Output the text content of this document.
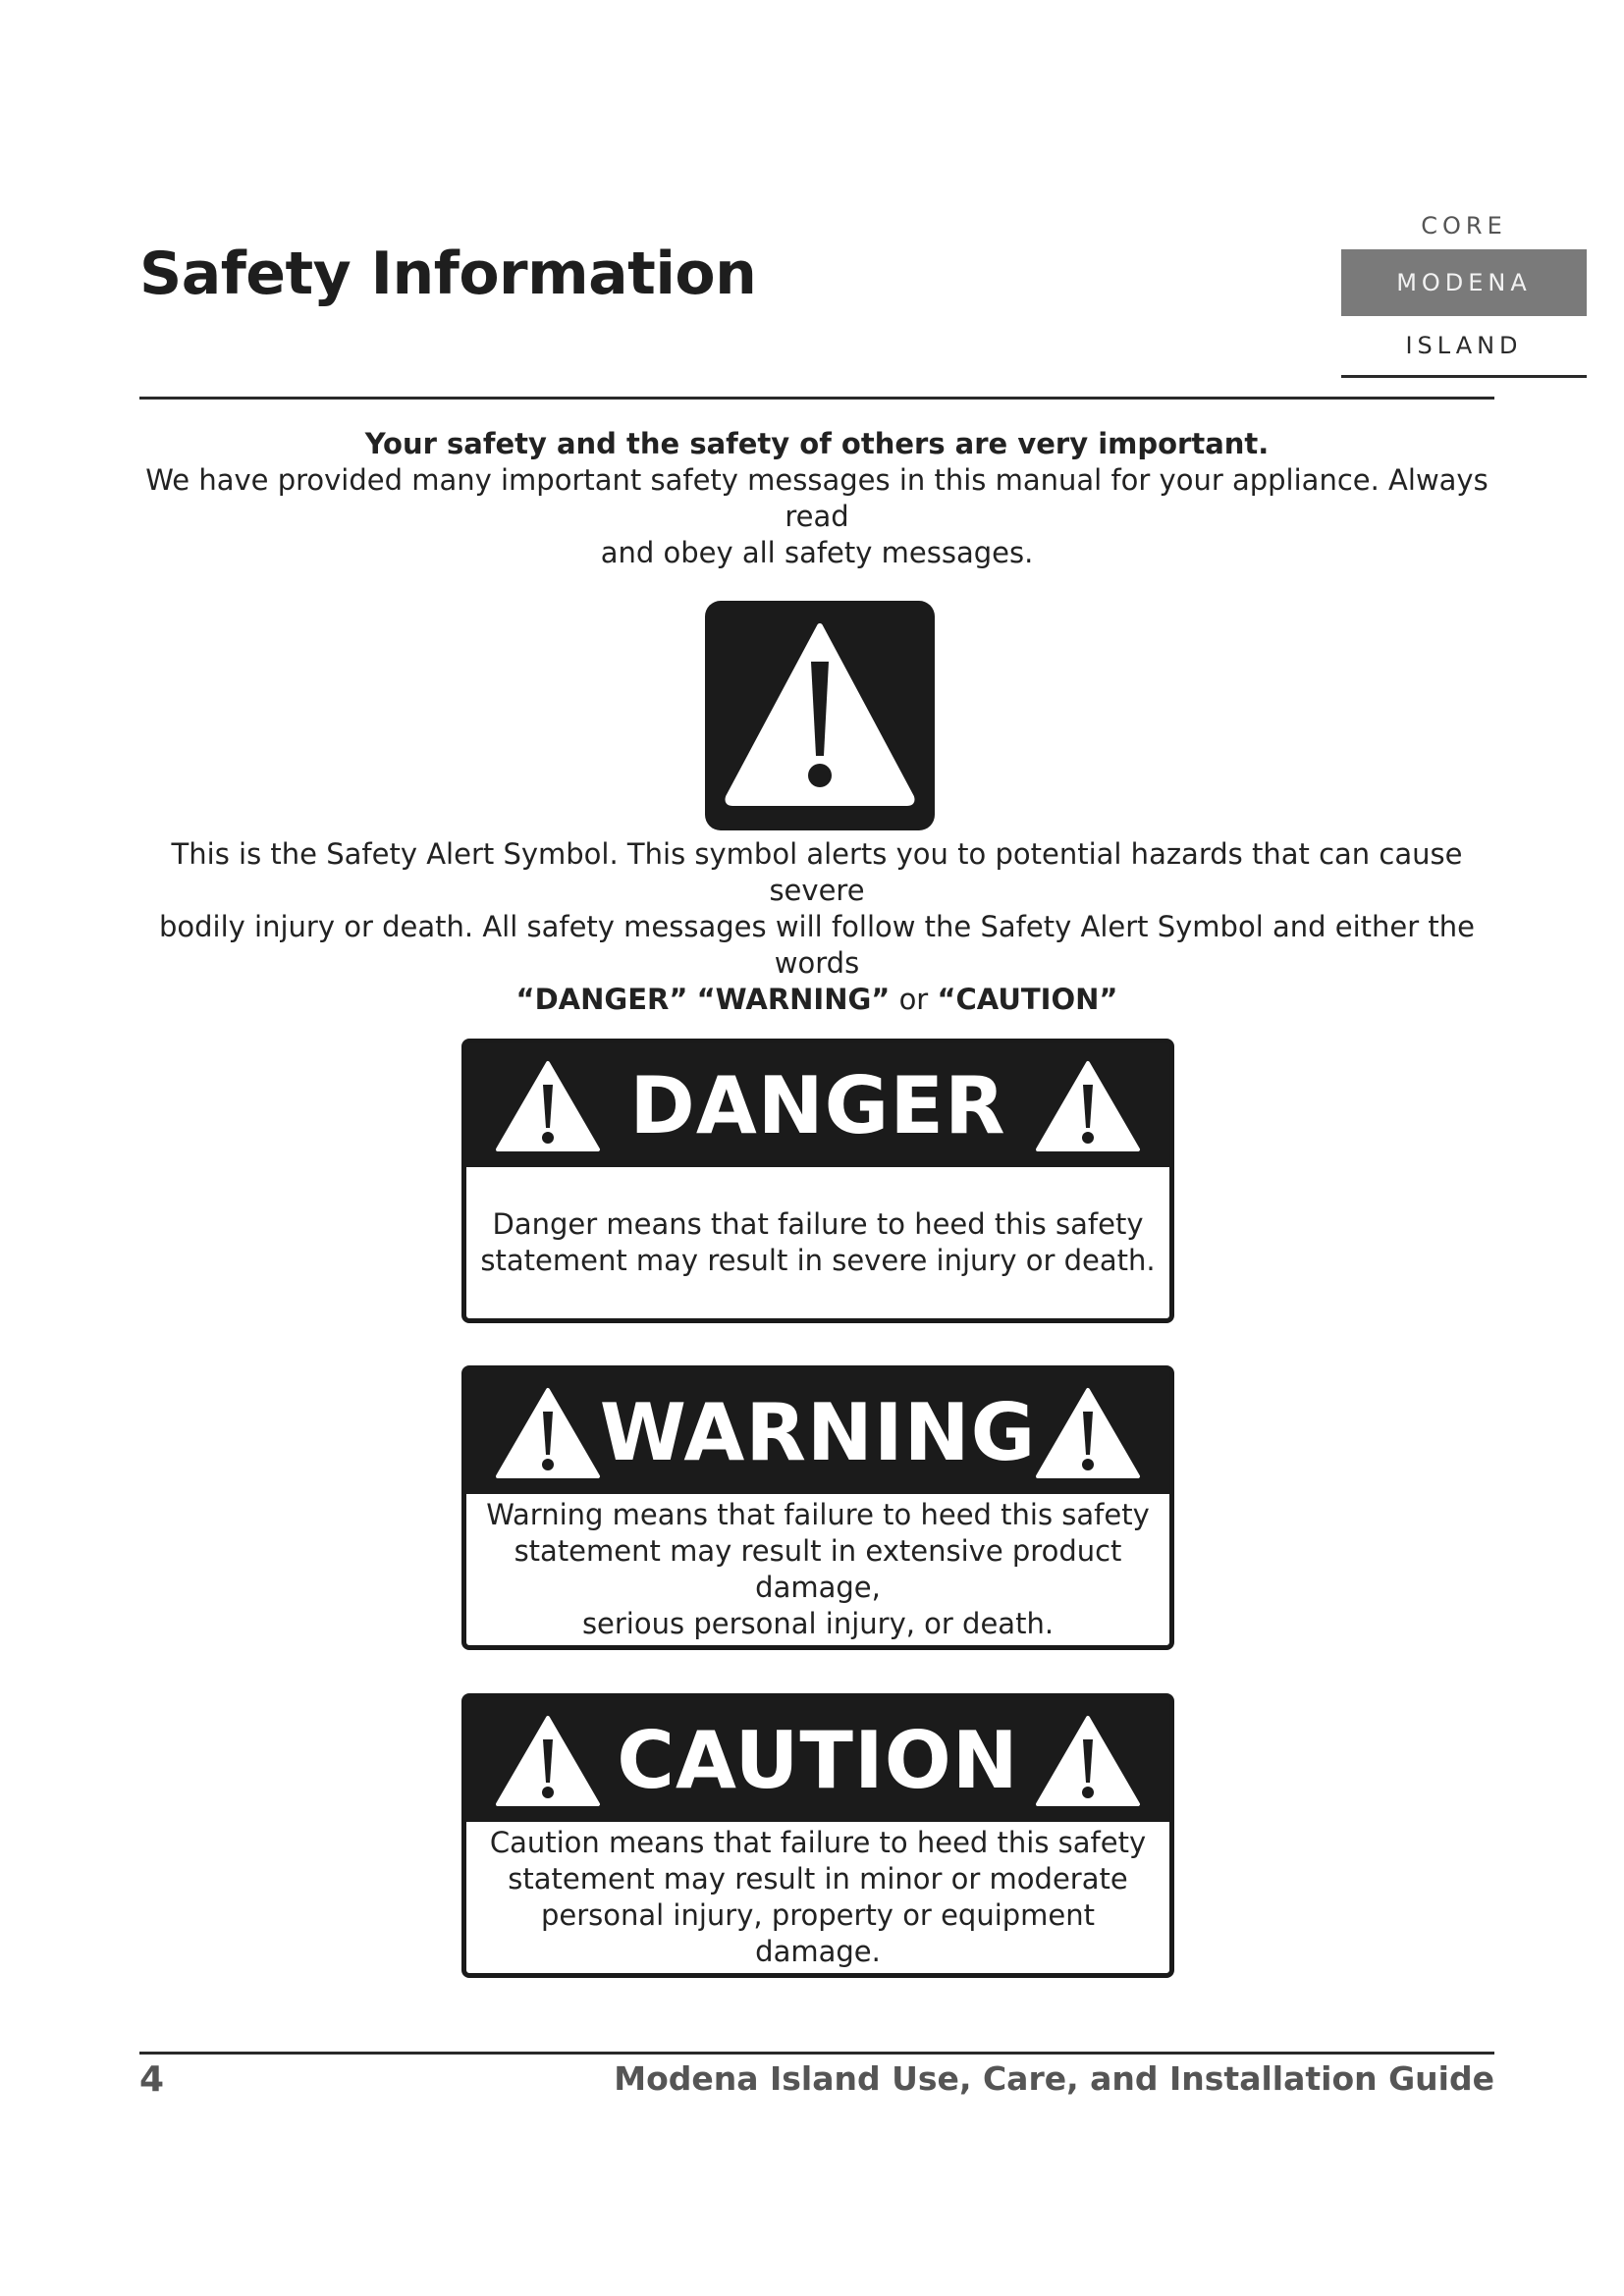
Safety Information
CORE
MODENA
ISLAND
Your safety and the safety of others are very important.
We have provided many important safety messages in this manual for your appliance. Always read
and obey all safety messages.
This is the Safety Alert Symbol. This symbol alerts you to potential hazards that can cause severe
bodily injury or death. All safety messages will follow the Safety Alert Symbol and either the words
“DANGER” “WARNING” or “CAUTION”
DANGER
Danger means that failure to heed this safety
statement may result in severe injury or death.
WARNING
Warning means that failure to heed this safety
statement may result in extensive product damage,
serious personal injury, or death.
CAUTION
Caution means that failure to heed this safety
statement may result in minor or moderate
personal injury, property or equipment damage.
4	Modena Island Use, Care, and Installation Guide
